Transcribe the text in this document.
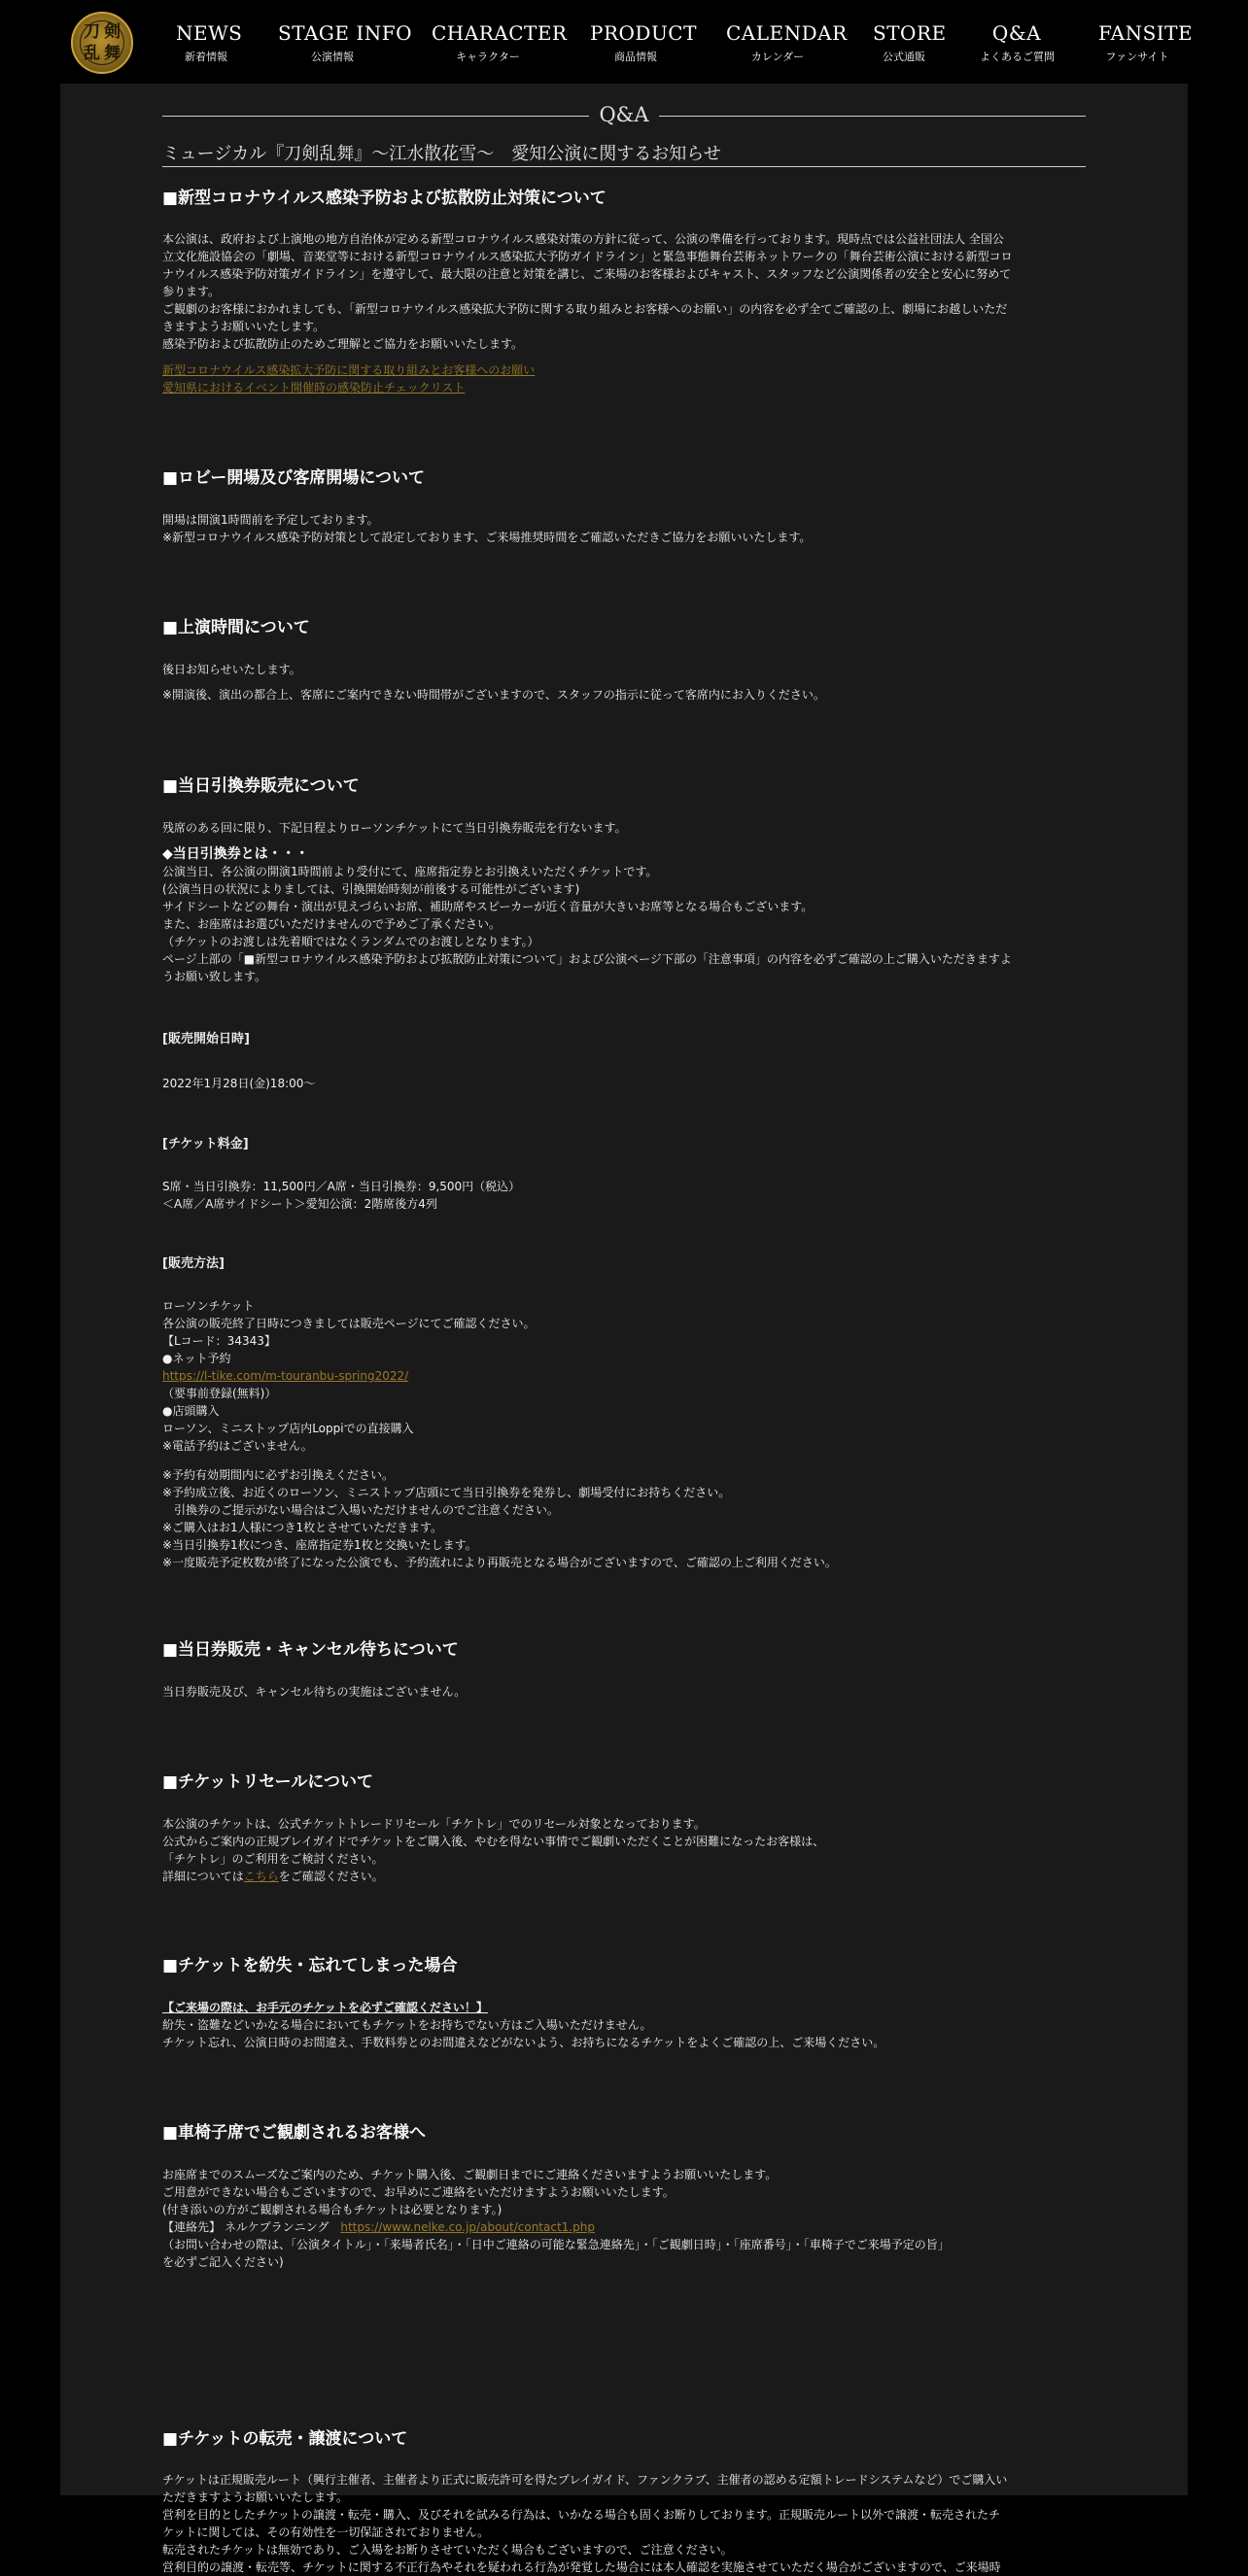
刀 剣
乱 舞
NEWS
新着情報
STAGE INFO
公演情報
CHARACTER
キャラクター
PRODUCT
商品情報
CALENDAR
カレンダー
STORE
公式通販
Q&A
よくあるご質問
FANSITE
ファンサイト
Q&A
ミュージカル『刀剣乱舞』～江水散花雪～　愛知公演に関するお知らせ
■新型コロナウイルス感染予防および拡散防止対策について
本公演は、政府および上演地の地方自治体が定める新型コロナウイルス感染対策の方針に従って、公演の準備を行っております。現時点では公益社団法人 全国公
立文化施設協会の「劇場、音楽堂等における新型コロナウイルス感染拡大予防ガイドライン」と緊急事態舞台芸術ネットワークの「舞台芸術公演における新型コロ
ナウイルス感染予防対策ガイドライン」を遵守して、最大限の注意と対策を講じ、ご来場のお客様およびキャスト、スタッフなど公演関係者の安全と安心に努めて
参ります。
ご観劇のお客様におかれましても、「新型コロナウイルス感染拡大予防に関する取り組みとお客様へのお願い」の内容を必ず全てご確認の上、劇場にお越しいただ
きますようお願いいたします。
感染予防および拡散防止のためご理解とご協力をお願いいたします。
新型コロナウイルス感染拡大予防に関する取り組みとお客様へのお願い
愛知県におけるイベント開催時の感染防止チェックリスト
■ロビー開場及び客席開場について
開場は開演1時間前を予定しております。
※新型コロナウイルス感染予防対策として設定しております、ご来場推奨時間をご確認いただきご協力をお願いいたします。
■上演時間について
後日お知らせいたします。
※開演後、演出の都合上、客席にご案内できない時間帯がございますので、スタッフの指示に従って客席内にお入りください。
■当日引換券販売について
残席のある回に限り、下記日程よりローソンチケットにて当日引換券販売を行ないます。
◆当日引換券とは・・・
公演当日、各公演の開演1時間前より受付にて、座席指定券とお引換えいただくチケットです。
(公演当日の状況によりましては、引換開始時刻が前後する可能性がございます)
サイドシートなどの舞台・演出が見えづらいお席、補助席やスピーカーが近く音量が大きいお席等となる場合もございます。
また、お座席はお選びいただけませんので予めご了承ください。
（チケットのお渡しは先着順ではなくランダムでのお渡しとなります。）
ページ上部の「■新型コロナウイルス感染予防および拡散防止対策について」および公演ページ下部の「注意事項」の内容を必ずご確認の上ご購入いただきますよ
うお願い致します。
[販売開始日時]
2022年1月28日(金)18:00～
[チケット料金]
S席・当日引換券：11,500円／A席・当日引換券：9,500円（税込）
＜A席／A席サイドシート＞愛知公演：2階席後方4列
[販売方法]
ローソンチケット
各公演の販売終了日時につきましては販売ページにてご確認ください。
【Lコード：34343】
●ネット予約
https://l-tike.com/m-touranbu-spring2022/
（要事前登録(無料)）
●店頭購入
ローソン、ミニストップ店内Loppiでの直接購入
※電話予約はございません。
※予約有効期間内に必ずお引換えください。
※予約成立後、お近くのローソン、ミニストップ店頭にて当日引換券を発券し、劇場受付にお持ちください。
　引換券のご提示がない場合はご入場いただけませんのでご注意ください。
※ご購入はお1人様につき1枚とさせていただきます。
※当日引換券1枚につき、座席指定券1枚と交換いたします。
※一度販売予定枚数が終了になった公演でも、予約流れにより再販売となる場合がございますので、ご確認の上ご利用ください。
■当日券販売・キャンセル待ちについて
当日券販売及び、キャンセル待ちの実施はございません。
■チケットリセールについて
本公演のチケットは、公式チケットトレードリセール「チケトレ」でのリセール対象となっております。
公式からご案内の正規プレイガイドでチケットをご購入後、やむを得ない事情でご観劇いただくことが困難になったお客様は、
「チケトレ」のご利用をご検討ください。
詳細についてはこちらをご確認ください。
■チケットを紛失・忘れてしまった場合
【ご来場の際は、お手元のチケットを必ずご確認ください！】
紛失・盗難などいかなる場合においてもチケットをお持ちでない方はご入場いただけません。
チケット忘れ、公演日時のお間違え、手数料券とのお間違えなどがないよう、お持ちになるチケットをよくご確認の上、ご来場ください。
■車椅子席でご観劇されるお客様へ
お座席までのスムーズなご案内のため、チケット購入後、ご観劇日までにご連絡くださいますようお願いいたします。
ご用意ができない場合もございますので、お早めにご連絡をいただけますようお願いいたします。
(付き添いの方がご観劇される場合もチケットは必要となります。)
【連絡先】 ネルケプランニング　https://www.nelke.co.jp/about/contact1.php
（お問い合わせの際は、「公演タイトル」・「来場者氏名」・「日中ご連絡の可能な緊急連絡先」・「ご観劇日時」・「座席番号」・「車椅子でご来場予定の旨」
を必ずご記入ください)
■チケットの転売・譲渡について
チケットは正規販売ルート（興行主催者、主催者より正式に販売許可を得たプレイガイド、ファンクラブ、主催者の認める定額トレードシステムなど）でご購入い
ただきますようお願いいたします。
営利を目的としたチケットの譲渡・転売・購入、及びそれを試みる行為は、いかなる場合も固くお断りしております。正規販売ルート以外で譲渡・転売されたチ
ケットに関しては、その有効性を一切保証されておりません。
転売されたチケットは無効であり、ご入場をお断りさせていただく場合もございますので、ご注意ください。
営利目的の譲渡・転売等、チケットに関する不正行為やそれを疑われる行為が発覚した場合には本人確認を実施させていただく場合がございますので、ご来場時
